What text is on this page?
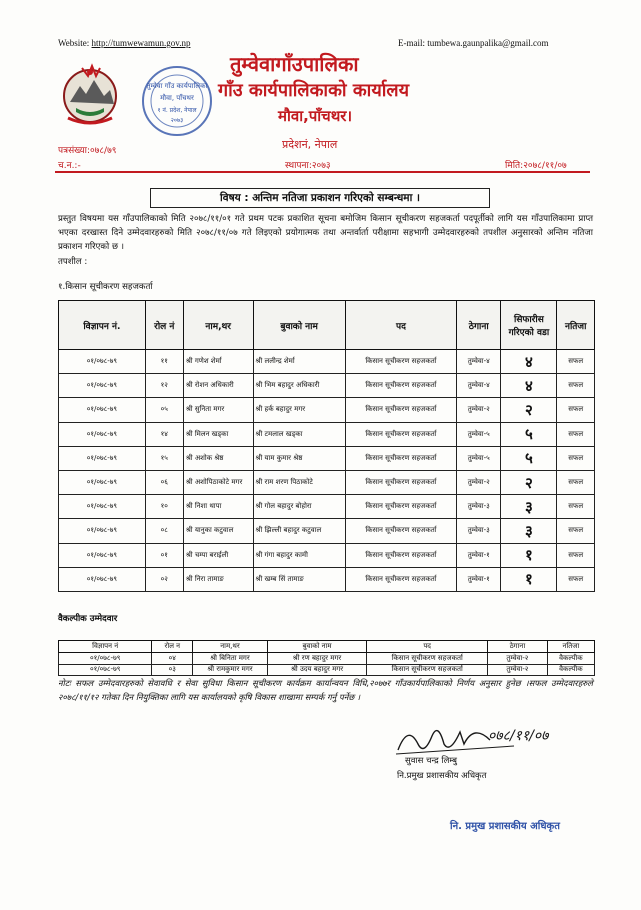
Website: http://tumwewamun.gov.np	E-mail: tumbewa.gaunpalika@gmail.com
तुम्वेवा गाँउ कार्यपालिका
मौवा, पाँचथर
१ नं. प्रदेश, नेपाल
२०७३
तुम्वेवागाँउपालिका
गाँउ कार्यपालिकाको कार्यालय
मौवा,पाँचथर।
प्रदेशनं, नेपाल
पत्रसंख्या:०७८/७९
च.न.:-	स्थापना:२०७३	मिति:२०७८/११/०७
विषय : अन्तिम नतिजा प्रकाशन गरिएको सम्बन्धमा ।
प्रस्तुत विषयमा यस गाँउपालिकाको मिति २०७८/११/०१ गते प्रथम पटक प्रकाशित सूचना बमोजिम किसान सूचीकरण सहजकर्ता पदपूर्तीको लागि यस गाँउपालिकामा प्राप्त भएका दरखास्त दिने उम्मेदवारहरुको मिति २०७८/११/०७ गते लिइएको प्रयोगात्मक तथा अन्तर्वार्ता परीक्षामा सहभागी उम्मेदवारहरुको तपशील अनुसारको अन्तिम नतिजा प्रकाशन गरिएको छ ।
तपशील :
१.किसान सूचीकरण सहजकर्ता
विज्ञापन नं.	रोल नं	नाम,थर	बुवाको नाम	पद	ठेगाना	सिफारीस गरिएको वडा	नतिजा
०१/०७८-७९	११	श्री गणेश शेर्मा	श्री ललीन्द्र शेर्मा	किसान सूचीकरण सहजकर्ता	तुम्वेवा-४	४	सफल
०१/०७८-७९	१२	श्री रोशन अधिकारी	श्री भिम बहादुर अधिकारी	किसान सूचीकरण सहजकर्ता	तुम्वेवा-४	४	सफल
०१/०७८-७९	०५	श्री सुनिता मगर	श्री हर्क बहादुर मगर	किसान सूचीकरण सहजकर्ता	तुम्वेवा-२	२	सफल
०१/०७८-७९	१४	श्री मिलन खड्का	श्री टमलाल खड्का	किसान सूचीकरण सहजकर्ता	तुम्वेवा-५	५	सफल
०१/०७८-७९	१५	श्री अशोक श्रेष्ठ	श्री याम कुमार श्रेष्ठ	किसान सूचीकरण सहजकर्ता	तुम्वेवा-५	५	सफल
०१/०७८-७९	०६	श्री अशोपिठाकोटे मगर	श्री राम शरण पिठाकोटे	किसान सूचीकरण सहजकर्ता	तुम्वेवा-२	२	सफल
०१/०७८-७९	१०	श्री निशा थापा	श्री गोल बहादुर बोहोरा	किसान सूचीकरण सहजकर्ता	तुम्वेवा-३	३	सफल
०१/०७८-७९	०८	श्री यानुका कटुवाल	श्री झिल्ली बहादुर कटुवाल	किसान सूचीकरण सहजकर्ता	तुम्वेवा-३	३	सफल
०१/०७८-७९	०१	श्री चम्पा बराईली	श्री गंगा बहादुर कामी	किसान सूचीकरण सहजकर्ता	तुम्वेवा-१	१	सफल
०१/०७८-७९	०२	श्री निरा तामाङ	श्री खम्ब सिं तामाङ	किसान सूचीकरण सहजकर्ता	तुम्वेवा-१	१	सफल
वैकल्पीक उम्मेदवार
विज्ञापन नं	रोल न	नाम,थर	बुवाको नाम	पद	ठेगाना	नतिजा
०१/०७८-७९	०४	श्री बिनिता मगर	श्री रण बहादुर मगर	किसान सूचीकरण सहजकर्ता	तुम्वेवा-२	वैकल्पीक
०१/०७८-७९	०३	श्री रामकुमार मगर	श्री उदय बहादुर मगर	किसान सूचीकरण सहजकर्ता	तुम्वेवा-२	वैकल्पीक
नोटः सफल उम्मेदवारहरुको सेवावधि र सेवा सुविधा किसान सूचीकरण कार्यक्रम कार्यान्वयन विधि,२०७७र गाँउकार्यपालिकाको निर्णय अनुसार हुनेछ ।सफल उम्मेदवारहरुले २०७८/११/१२ गतेका दिन नियुक्तिका लागि यस कार्यालयको कृषि विकास शाखामा सम्पर्क गर्नु पर्नेछ ।
०७८/११/०७
सुवास चन्द्र लिम्बु
नि.प्रमुख प्रशासकीय अधिकृत
नि. प्रमुख प्रशासकीय अधिकृत
